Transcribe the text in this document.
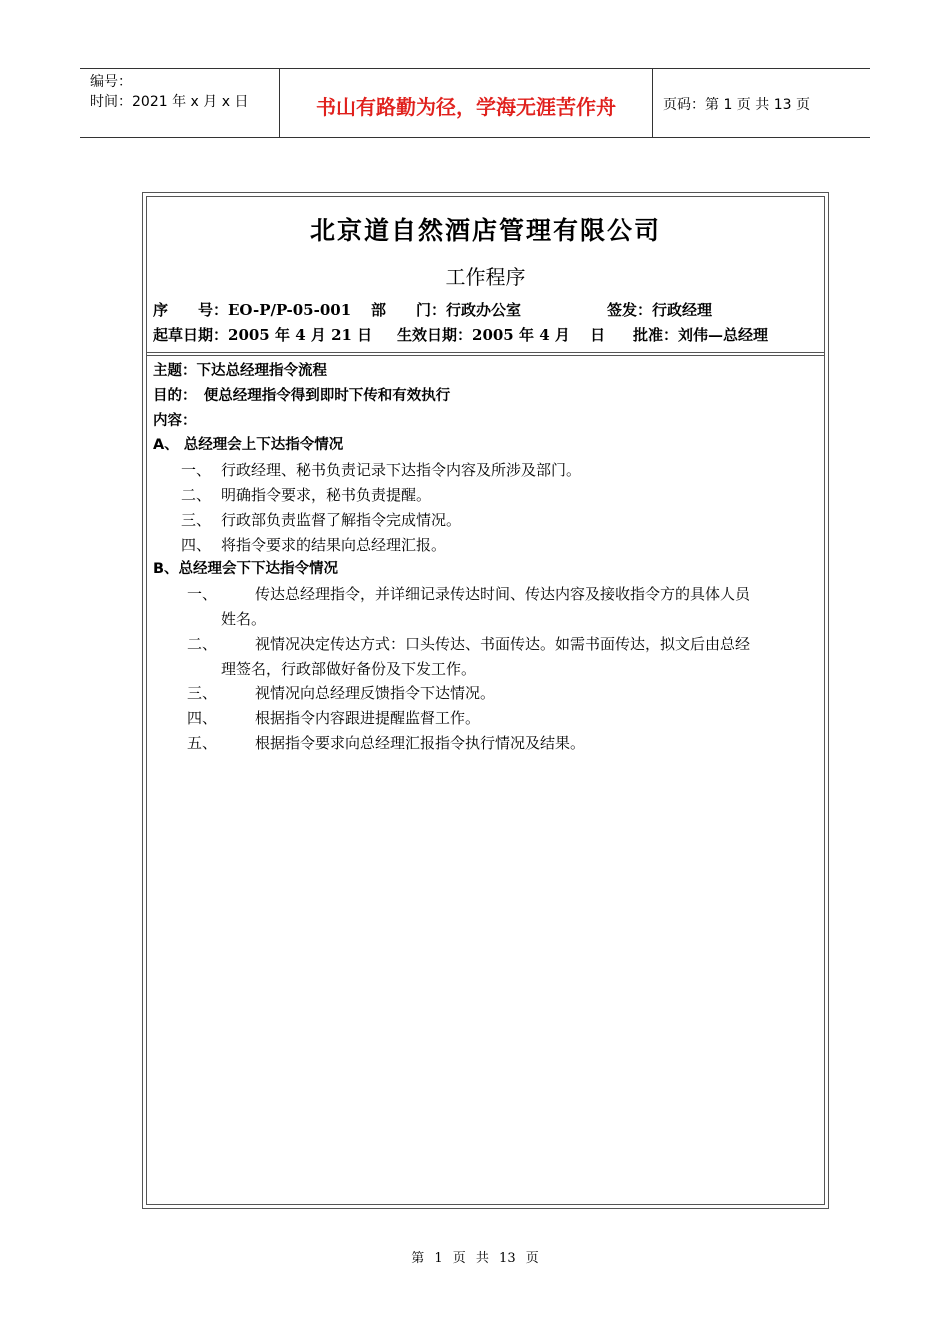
编号：
时间：2021 年 x 月 x 日	书山有路勤为径，学海无涯苦作舟	页码：第 1 页 共 13 页
北京道自然酒店管理有限公司
工作程序
序　　号：EO-P/P-05-001 部　　门：行政办公室	签发：行政经理
起草日期：2005 年 4 月 21 日 生效日期：2005 年 4 月　 日 批准：刘伟—总经理
主题：下达总经理指令流程
目的：　便总经理指令得到即时下传和有效执行
内容：
A、 总经理会上下达指令情况
一、 行政经理、秘书负责记录下达指令内容及所涉及部门。
二、 明确指令要求，秘书负责提醒。
三、 行政部负责监督了解指令完成情况。
四、 将指令要求的结果向总经理汇报。
B、总经理会下下达指令情况
一、	传达总经理指令，并详细记录传达时间、传达内容及接收指令方的具体人员
姓名。
二、	视情况决定传达方式：口头传达、书面传达。如需书面传达，拟文后由总经
理签名，行政部做好备份及下发工作。
三、	视情况向总经理反馈指令下达情况。
四、	根据指令内容跟进提醒监督工作。
五、	根据指令要求向总经理汇报指令执行情况及结果。
第 1 页 共 13 页
